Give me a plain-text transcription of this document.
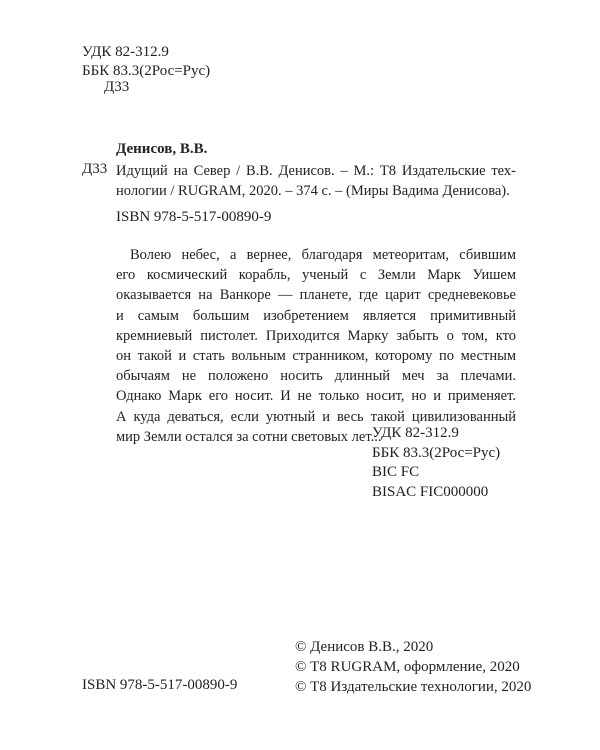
УДК 82-312.9
ББК 83.3(2Рос=Рус)
Д33
Денисов, В.В.
Д33 Идущий на Север / В.В. Денисов. – М.: Т8 Издательские тех-
нологии / RUGRAM, 2020. – 374 с. – (Миры Вадима Денисова).
ISBN 978-5-517-00890-9
Волею небес, а вернее, благодаря метеоритам, сбившим
его космический корабль, ученый с Земли Марк Уишем
оказывается на Ванкоре — планете, где царит средневековье
и самым большим изобретением является примитивный
кремниевый пистолет. Приходится Марку забыть о том, кто
он такой и стать вольным странником, которому по местным
обычаям не положено носить длинный меч за плечами.
Однако Марк его носит. И не только носит, но и применяет.
А куда деваться, если уютный и весь такой цивилизованный
мир Земли остался за сотни световых лет...
УДК 82-312.9
ББК 83.3(2Рос=Рус)
BIC FC
BISAC FIC000000
© Денисов В.В., 2020
© Т8 RUGRAM, оформление, 2020
© Т8 Издательские технологии, 2020
ISBN 978-5-517-00890-9
